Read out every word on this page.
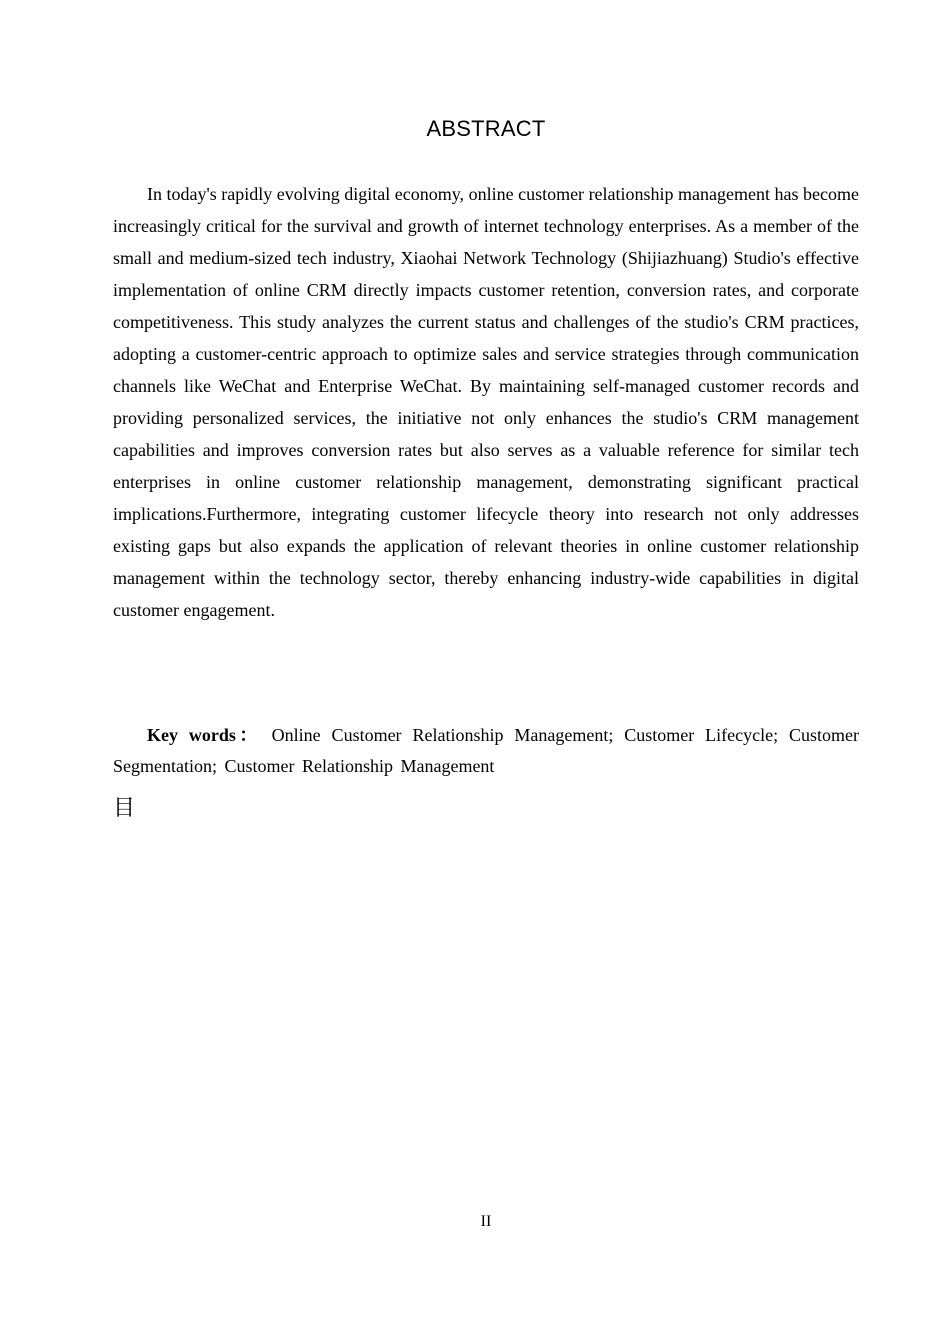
ABSTRACT

In today's rapidly evolving digital economy, online customer relationship management has become increasingly critical for the survival and growth of internet technology enterprises. As a member of the small and medium-sized tech industry, Xiaohai Network Technology (Shijiazhuang) Studio's effective implementation of online CRM directly impacts customer retention, conversion rates, and corporate competitiveness. This study analyzes the current status and challenges of the studio's CRM practices, adopting a customer-centric approach to optimize sales and service strategies through communication channels like WeChat and Enterprise WeChat. By maintaining self-managed customer records and providing personalized services, the initiative not only enhances the studio's CRM management capabilities and improves conversion rates but also serves as a valuable reference for similar tech enterprises in online customer relationship management, demonstrating significant practical implications.Furthermore, integrating customer lifecycle theory into research not only addresses existing gaps but also expands the application of relevant theories in online customer relationship management within the technology sector, thereby enhancing industry-wide capabilities in digital customer engagement.

Key words： Online Customer Relationship Management; Customer Lifecycle; Customer Segmentation; Customer Relationship Management

目
II
